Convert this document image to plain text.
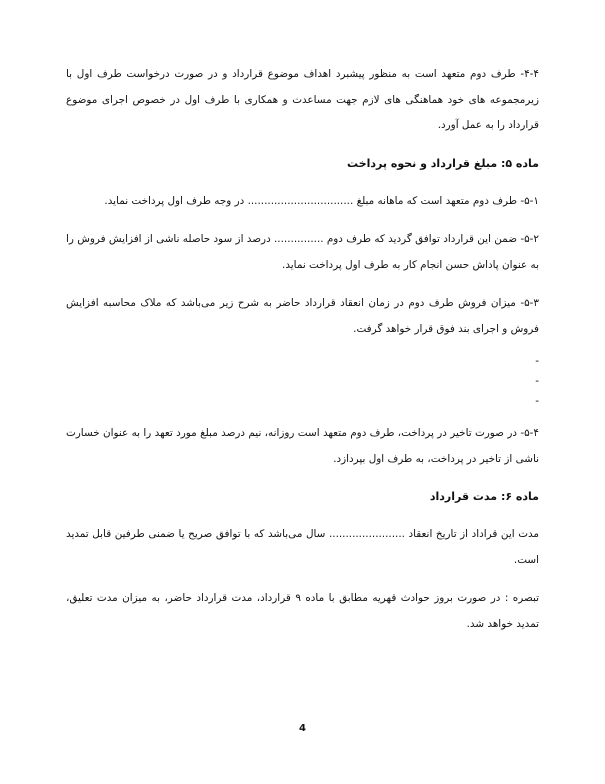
۴-۴- طرف دوم متعهد است به منظور پیشبرد اهداف موضوع قرارداد و در صورت درخواست طرف اول با زیرمجموعه های خود هماهنگی های لازم جهت مساعدت و همکاری با طرف اول در خصوص اجرای موضوع قرارداد را به عمل آورد.

ماده ۵: مبلغ قرارداد و نحوه پرداخت

۵-۱- طرف دوم متعهد است که ماهانه مبلغ ................................ در وجه طرف اول پرداخت نماید.

۵-۲- ضمن این قرارداد توافق گردید که طرف دوم ............... درصد از سود حاصله ناشی از افزایش فروش را به عنوان پاداش حسن انجام کار به طرف اول پرداخت نماید.

۵-۳- میزان فروش طرف دوم در زمان انعقاد قرارداد حاضر به شرح زیر می‌باشد که ملاک محاسبه افزایش فروش و اجرای بند فوق قرار خواهد گرفت.

-
-
-

۵-۴- در صورت تاخیر در پرداخت، طرف دوم متعهد است روزانه، نیم درصد مبلغ مورد تعهد را به عنوان خسارت ناشی از تاخیر در پرداخت، به طرف اول بپردازد.

ماده ۶: مدت قرارداد

مدت این قراداد از تاریخ انعقاد ....................... سال می‌باشد که با توافق صریح یا ضمنی طرفین قابل تمدید است.

تبصره : در صورت بروز حوادث قهریه مطابق با ماده ۹ قرارداد، مدت قرارداد حاضر، به میزان مدت تعلیق، تمدید خواهد شد.

4
